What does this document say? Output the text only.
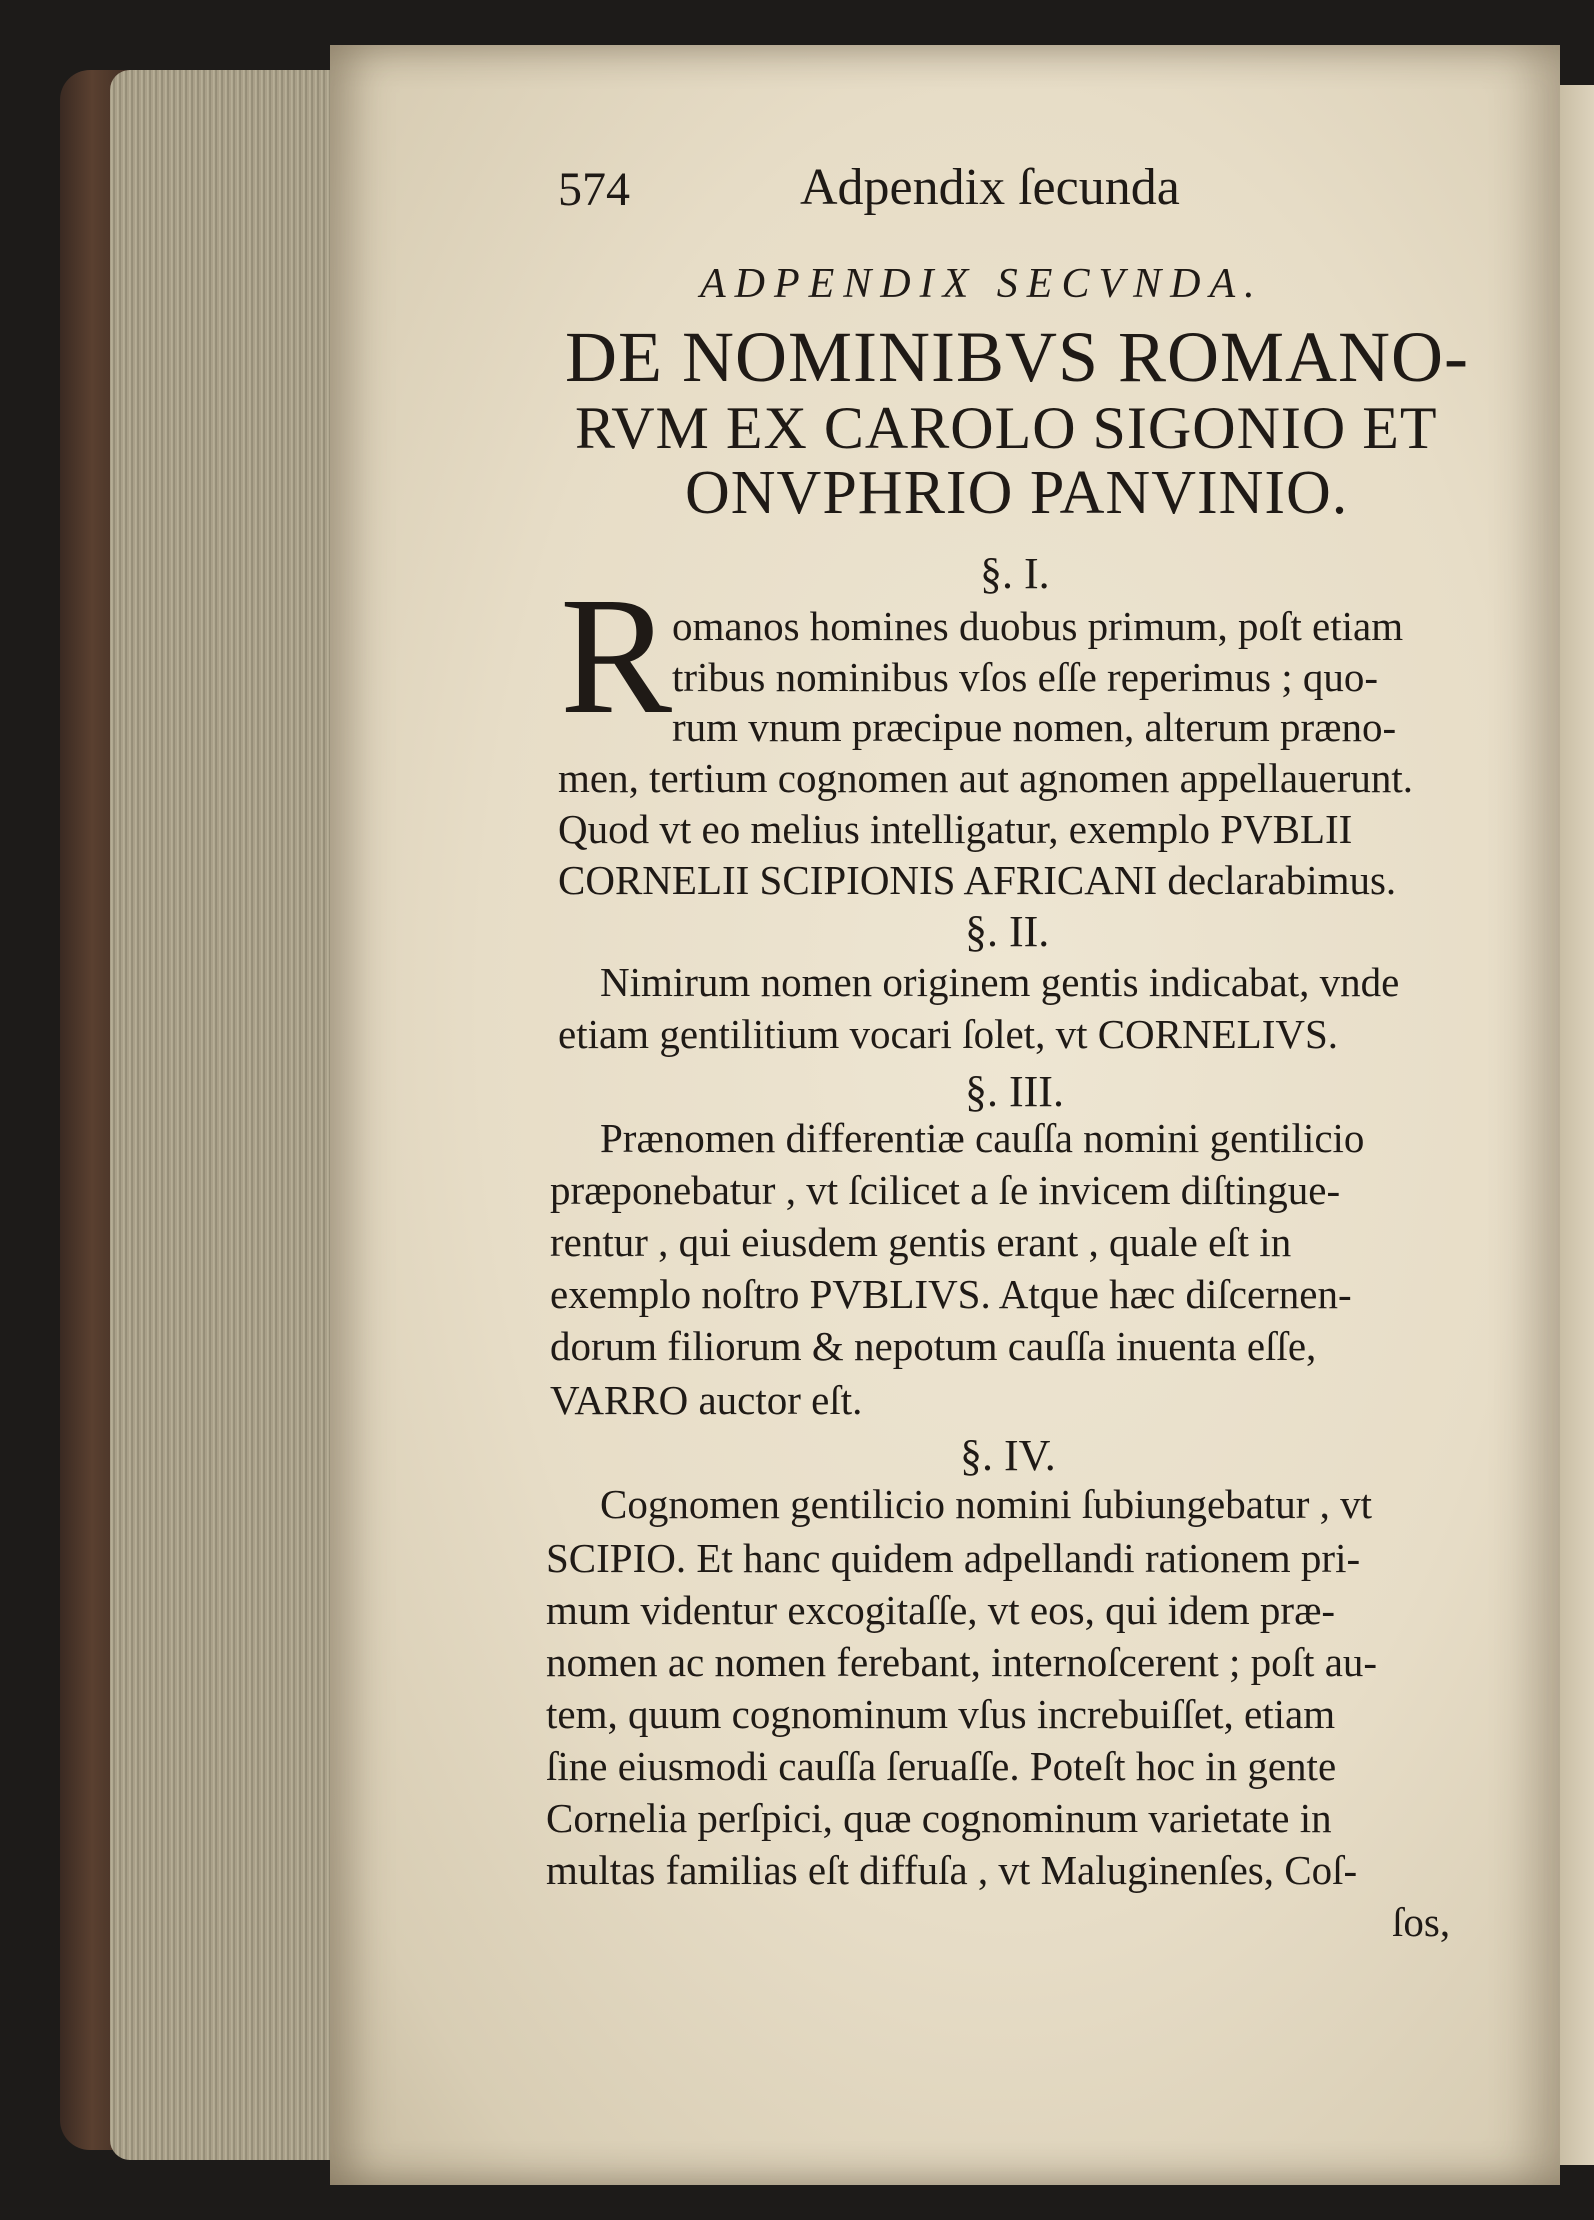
574	Adpendix ſecunda
ADPENDIX SECVNDA.
DE NOMINIBVS ROMANO-
RVM EX CAROLO SIGONIO ET
ONVPHRIO PANVINIO.
§. I.
R omanos homines duobus primum, poſt etiam
tribus nominibus vſos eſſe reperimus ; quo-
rum vnum præcipue nomen, alterum præno-
men, tertium cognomen aut agnomen appellauerunt.
Quod vt eo melius intelligatur, exemplo PVBLII
CORNELII SCIPIONIS AFRICANI declarabimus.
§. II.
Nimirum nomen originem gentis indicabat, vnde
etiam gentilitium vocari ſolet, vt CORNELIVS.
§. III.
Prænomen differentiæ cauſſa nomini gentilicio
præponebatur , vt ſcilicet a ſe invicem diſtingue-
rentur , qui eiusdem gentis erant , quale eſt in
exemplo noſtro PVBLIVS. Atque hæc diſcernen-
dorum filiorum & nepotum cauſſa inuenta eſſe,
VARRO auctor eſt.
§. IV.
Cognomen gentilicio nomini ſubiungebatur , vt
SCIPIO. Et hanc quidem adpellandi rationem pri-
mum videntur excogitaſſe, vt eos, qui idem præ-
nomen ac nomen ferebant, internoſcerent ; poſt au-
tem, quum cognominum vſus increbuiſſet, etiam
ſine eiusmodi cauſſa ſeruaſſe. Poteſt hoc in gente
Cornelia perſpici, quæ cognominum varietate in
multas familias eſt diffuſa , vt Maluginenſes, Coſ-
ſos,
